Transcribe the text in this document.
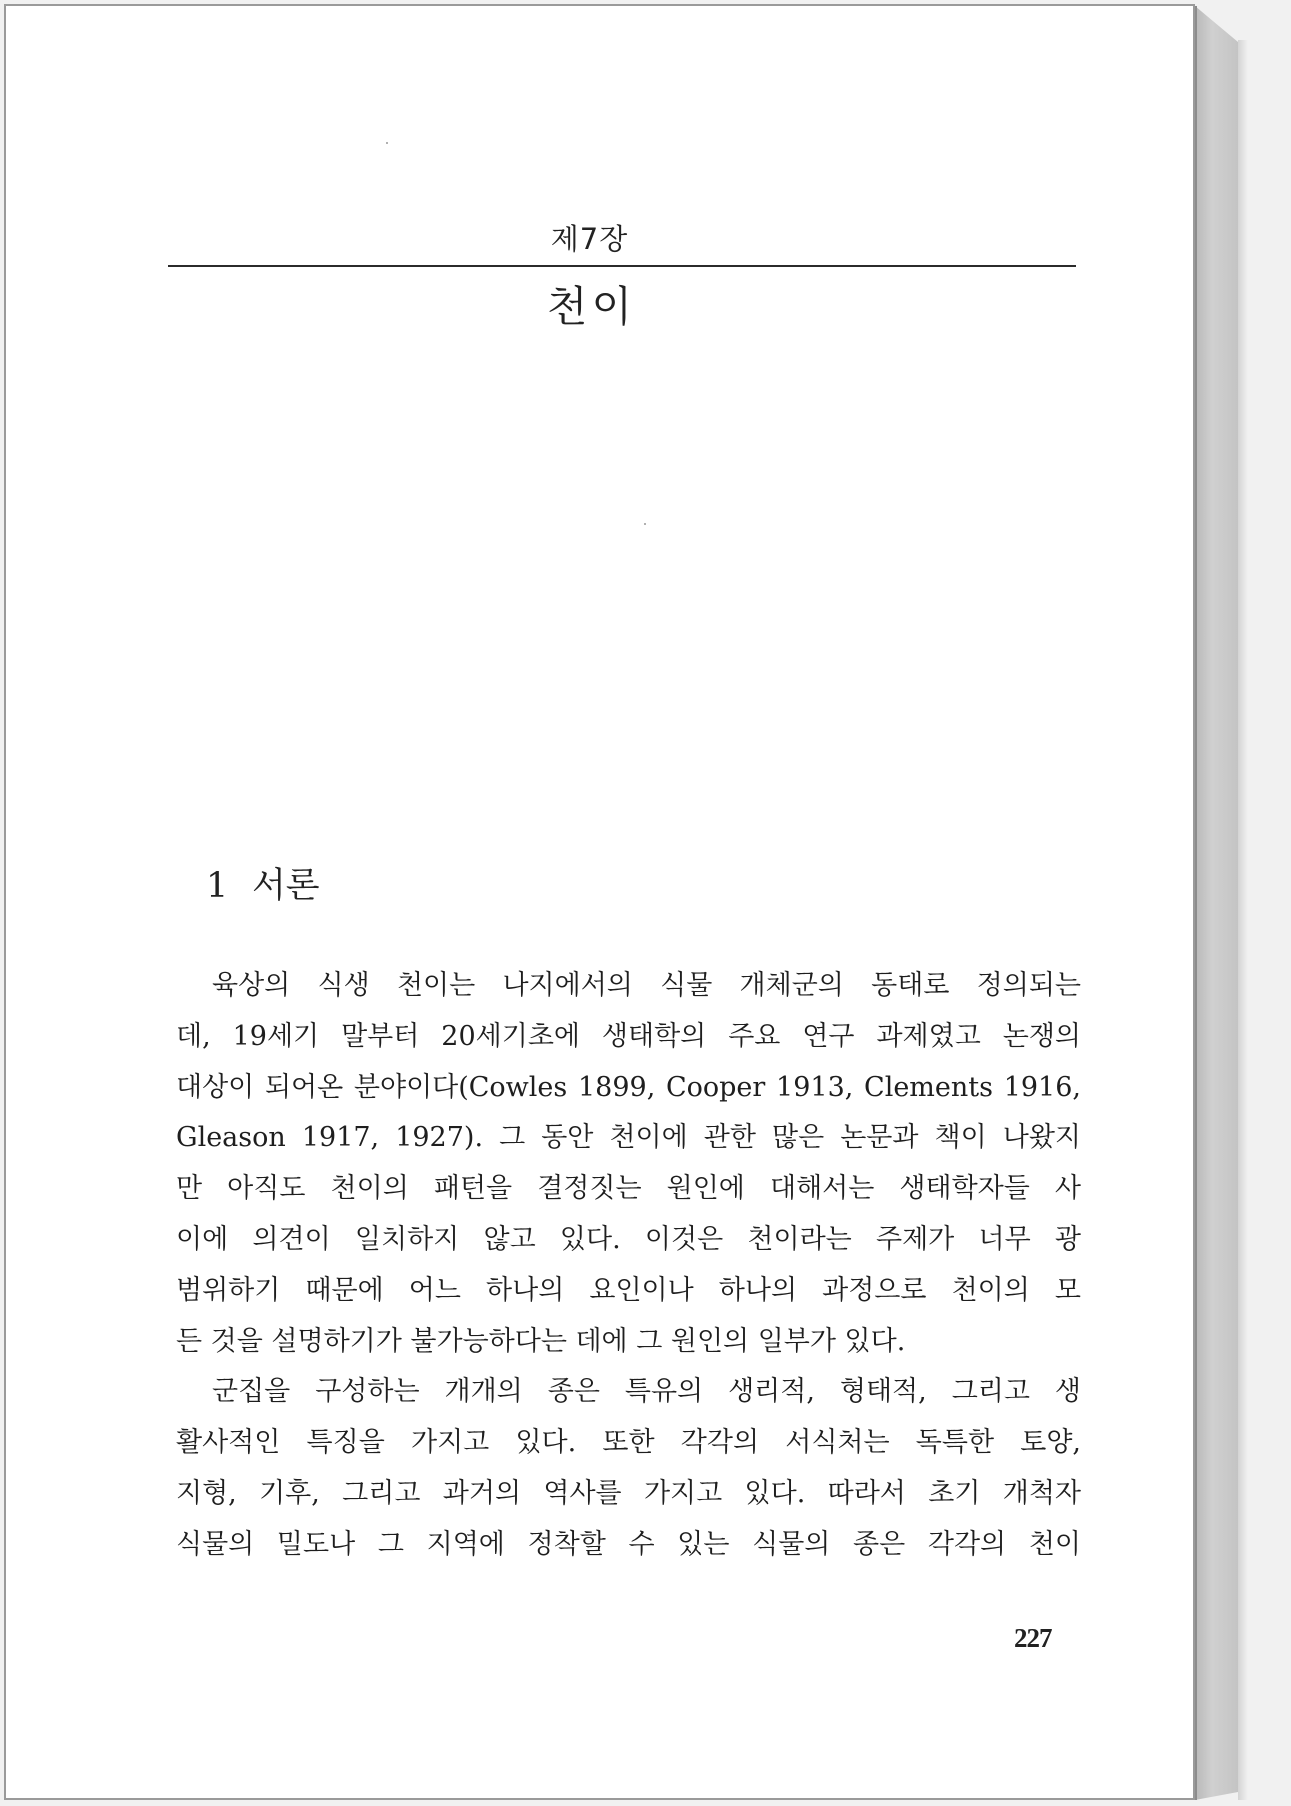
제7장
천이
1 서론
육상의 식생 천이는 나지에서의 식물 개체군의 동태로 정의되는
데, 19세기 말부터 20세기초에 생태학의 주요 연구 과제였고 논쟁의
대상이 되어온 분야이다(Cowles 1899, Cooper 1913, Clements 1916,
Gleason 1917, 1927). 그 동안 천이에 관한 많은 논문과 책이 나왔지
만 아직도 천이의 패턴을 결정짓는 원인에 대해서는 생태학자들 사
이에 의견이 일치하지 않고 있다. 이것은 천이라는 주제가 너무 광
범위하기 때문에 어느 하나의 요인이나 하나의 과정으로 천이의 모
든 것을 설명하기가 불가능하다는 데에 그 원인의 일부가 있다.
군집을 구성하는 개개의 종은 특유의 생리적, 형태적, 그리고 생
활사적인 특징을 가지고 있다. 또한 각각의 서식처는 독특한 토양,
지형, 기후, 그리고 과거의 역사를 가지고 있다. 따라서 초기 개척자
식물의 밀도나 그 지역에 정착할 수 있는 식물의 종은 각각의 천이
227
